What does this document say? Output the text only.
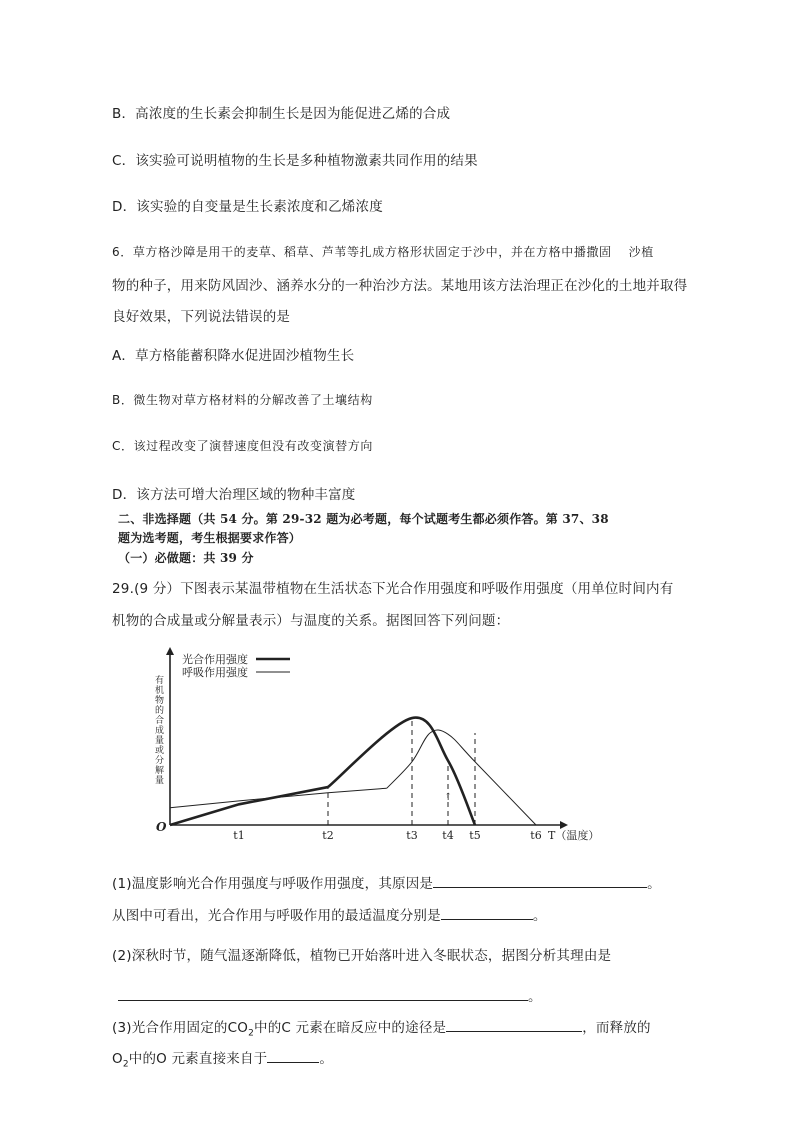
B．高浓度的生长素会抑制生长是因为能促进乙烯的合成
C．该实验可说明植物的生长是多种植物激素共同作用的结果
D．该实验的自变量是生长素浓度和乙烯浓度
6．草方格沙障是用干的麦草、稻草、芦苇等扎成方格形状固定于沙中，并在方格中播撒固　 沙植
物的种子，用来防风固沙、涵养水分的一种治沙方法。某地用该方法治理正在沙化的土地并取得
良好效果，下列说法错误的是
A．草方格能蓄积降水促进固沙植物生长
B．微生物对草方格材料的分解改善了土壤结构
C．该过程改变了演替速度但没有改变演替方向
D．该方法可增大治理区域的物种丰富度
二、非选择题（共 54 分。第 29-32 题为必考题，每个试题考生都必须作答。第 37、38
题为选考题，考生根据要求作答）
（一）必做题：共 39 分
29.(9 分）下图表示某温带植物在生活状态下光合作用强度和呼吸作用强度（用单位时间内有
机物的合成量或分解量表示）与温度的关系。据图回答下列问题：
O
t1	t2	t3 t4 t5	t6 T（温度）
有机物的合成量或分解量
光合作用强度
呼吸作用强度
↑
(1)温度影响光合作用强度与呼吸作用强度，其原因是	。
从图中可看出，光合作用与呼吸作用的最适温度分别是	。
(2)深秋时节，随气温逐渐降低，植物已开始落叶进入冬眠状态，据图分析其理由是
。
(3)光合作用固定的$CO_2$中的C 元素在暗反应中的途径是	，而释放的
$O_2$中的O 元素直接来自于	。
